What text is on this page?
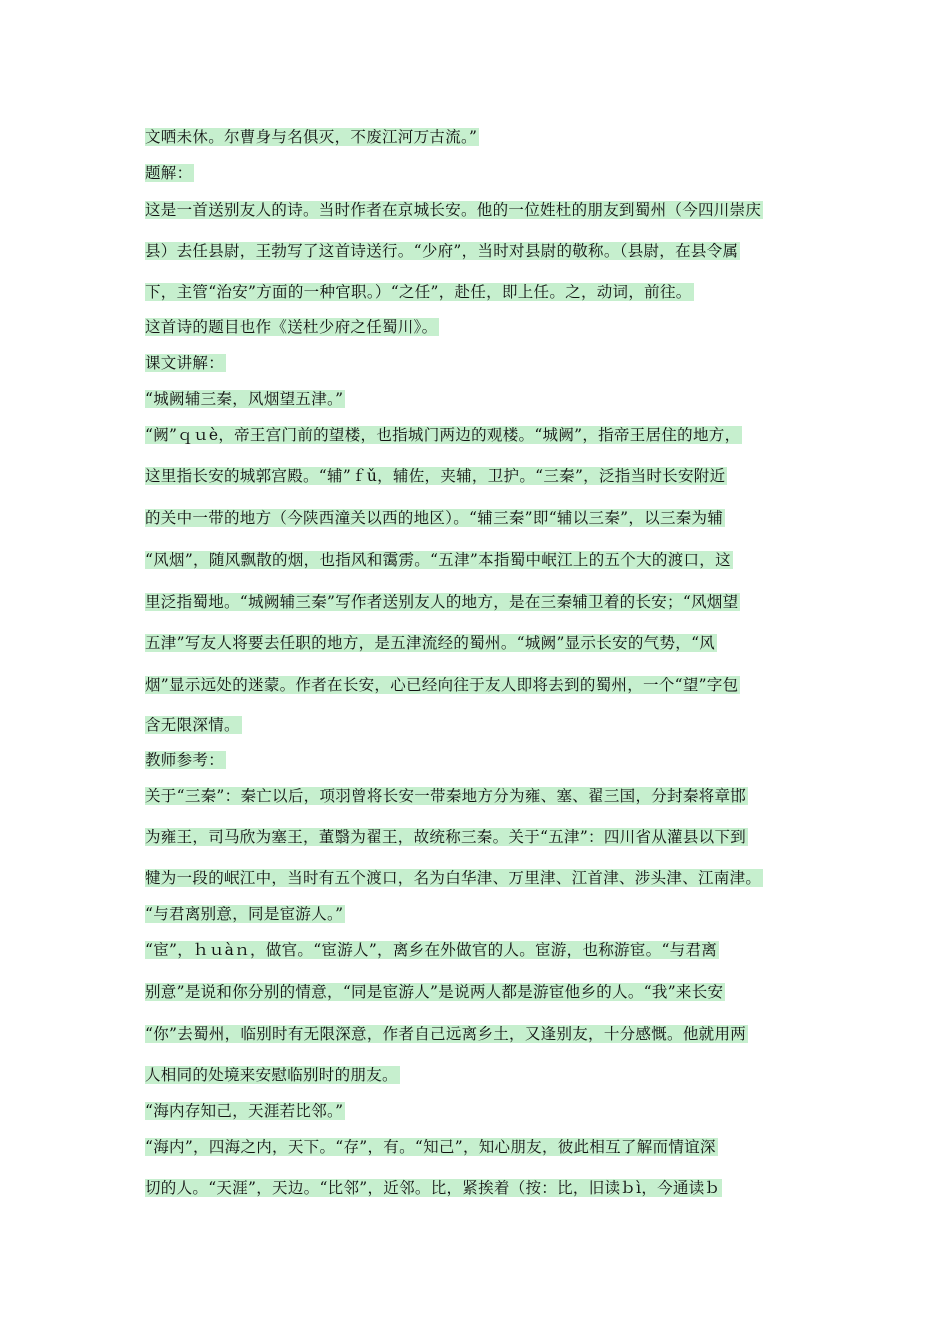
文哂未休。尔曹身与名俱灭，不废江河万古流。”
题解：
这是一首送别友人的诗。当时作者在京城长安。他的一位姓杜的朋友到蜀州（今四川崇庆
县）去任县尉，王勃写了这首诗送行。“少府”，当时对县尉的敬称。（县尉，在县令属
下，主管“治安”方面的一种官职。）“之任”，赴任，即上任。之，动词，前往。
这首诗的题目也作《送杜少府之任蜀川》。
课文讲解：
“城阙辅三秦，风烟望五津。”
“阙”ｑｕè，帝王宫门前的望楼，也指城门两边的观楼。“城阙”，指帝王居住的地方，
这里指长安的城郭宫殿。“辅”ｆǔ，辅佐，夹辅，卫护。“三秦”，泛指当时长安附近
的关中一带的地方（今陕西潼关以西的地区）。“辅三秦”即“辅以三秦”，以三秦为辅
“风烟”，随风飘散的烟，也指风和霭雳。“五津”本指蜀中岷江上的五个大的渡口，这
里泛指蜀地。“城阙辅三秦”写作者送别友人的地方，是在三秦辅卫着的长安；“风烟望
五津”写友人将要去任职的地方，是五津流经的蜀州。“城阙”显示长安的气势，“风
烟”显示远处的迷蒙。作者在长安，心已经向往于友人即将去到的蜀州，一个“望”字包
含无限深情。
教师参考：
关于“三秦”：秦亡以后，项羽曾将长安一带秦地方分为雍、塞、翟三国，分封秦将章邯
为雍王，司马欣为塞王，董翳为翟王，故统称三秦。关于“五津”：四川省从灌县以下到
犍为一段的岷江中，当时有五个渡口，名为白华津、万里津、江首津、涉头津、江南津。
“与君离别意，同是宦游人。”
“宦”，ｈｕàｎ，做官。“宦游人”，离乡在外做官的人。宦游，也称游宦。“与君离
别意”是说和你分别的情意，“同是宦游人”是说两人都是游宦他乡的人。“我”来长安
“你”去蜀州，临别时有无限深意，作者自己远离乡土，又逢别友，十分感慨。他就用两
人相同的处境来安慰临别时的朋友。
“海内存知己，天涯若比邻。”
“海内”，四海之内，天下。“存”，有。“知己”，知心朋友，彼此相互了解而情谊深
切的人。“天涯”，天边。“比邻”，近邻。比，紧挨着（按：比，旧读ｂì，今通读ｂ
